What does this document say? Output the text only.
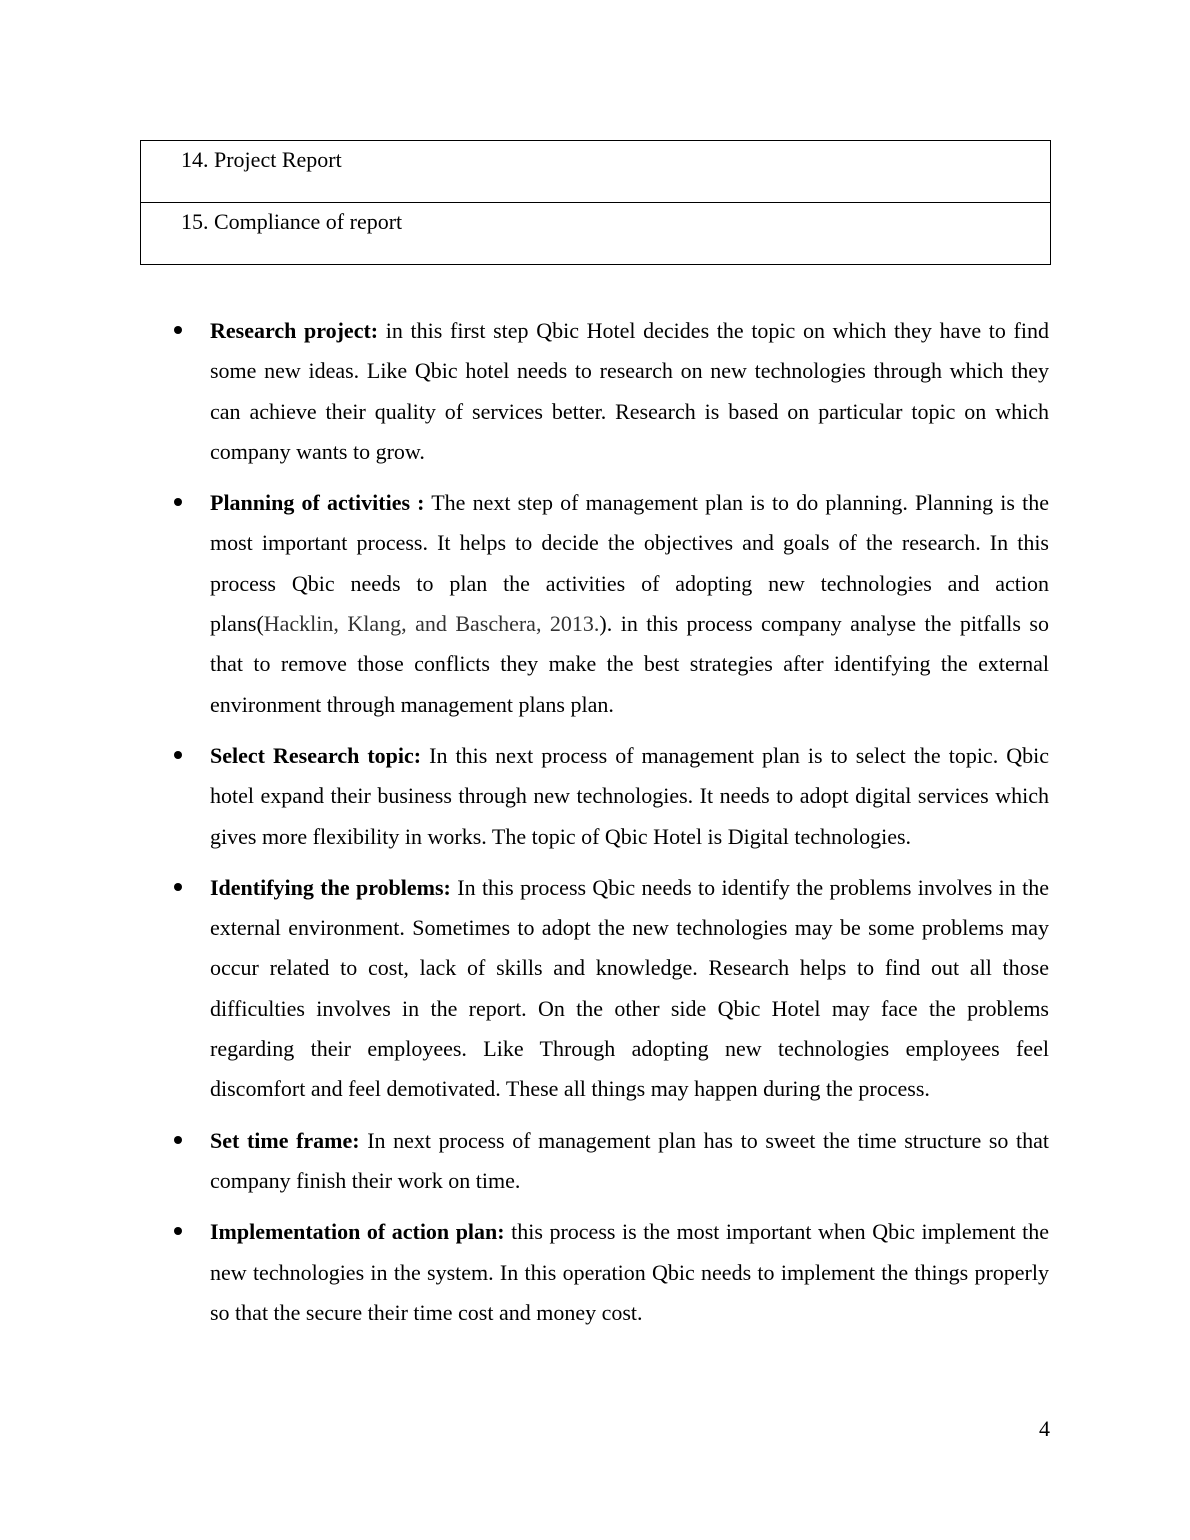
14. Project Report

15. Compliance of report
Research project: in this first step Qbic Hotel decides the topic on which they have to find some new ideas. Like Qbic hotel needs to research on new technologies through which they can achieve their quality of services better. Research is based on particular topic on which company wants to grow.
Planning of activities : The next step of management plan is to do planning. Planning is the most important process. It helps to decide the objectives and goals of the research. In this process Qbic needs to plan the activities of adopting new technologies and action plans(Hacklin, Klang, and Baschera, 2013.). in this process company analyse the pitfalls so that to remove those conflicts they make the best strategies after identifying the external environment through management plans plan.
Select Research topic: In this next process of management plan is to select the topic. Qbic hotel expand their business through new technologies. It needs to adopt digital services which gives more flexibility in works. The topic of Qbic Hotel is Digital technologies.
Identifying the problems: In this process Qbic needs to identify the problems involves in the external environment. Sometimes to adopt the new technologies may be some problems may occur related to cost, lack of skills and knowledge. Research helps to find out all those difficulties involves in the report. On the other side Qbic Hotel may face the problems regarding their employees. Like Through adopting new technologies employees feel discomfort and feel demotivated. These all things may happen during the process.
Set time frame: In next process of management plan has to sweet the time structure so that company finish their work on time.
Implementation of action plan: this process is the most important when Qbic implement the new technologies in the system. In this operation Qbic needs to implement the things properly so that the secure their time cost and money cost.
4
